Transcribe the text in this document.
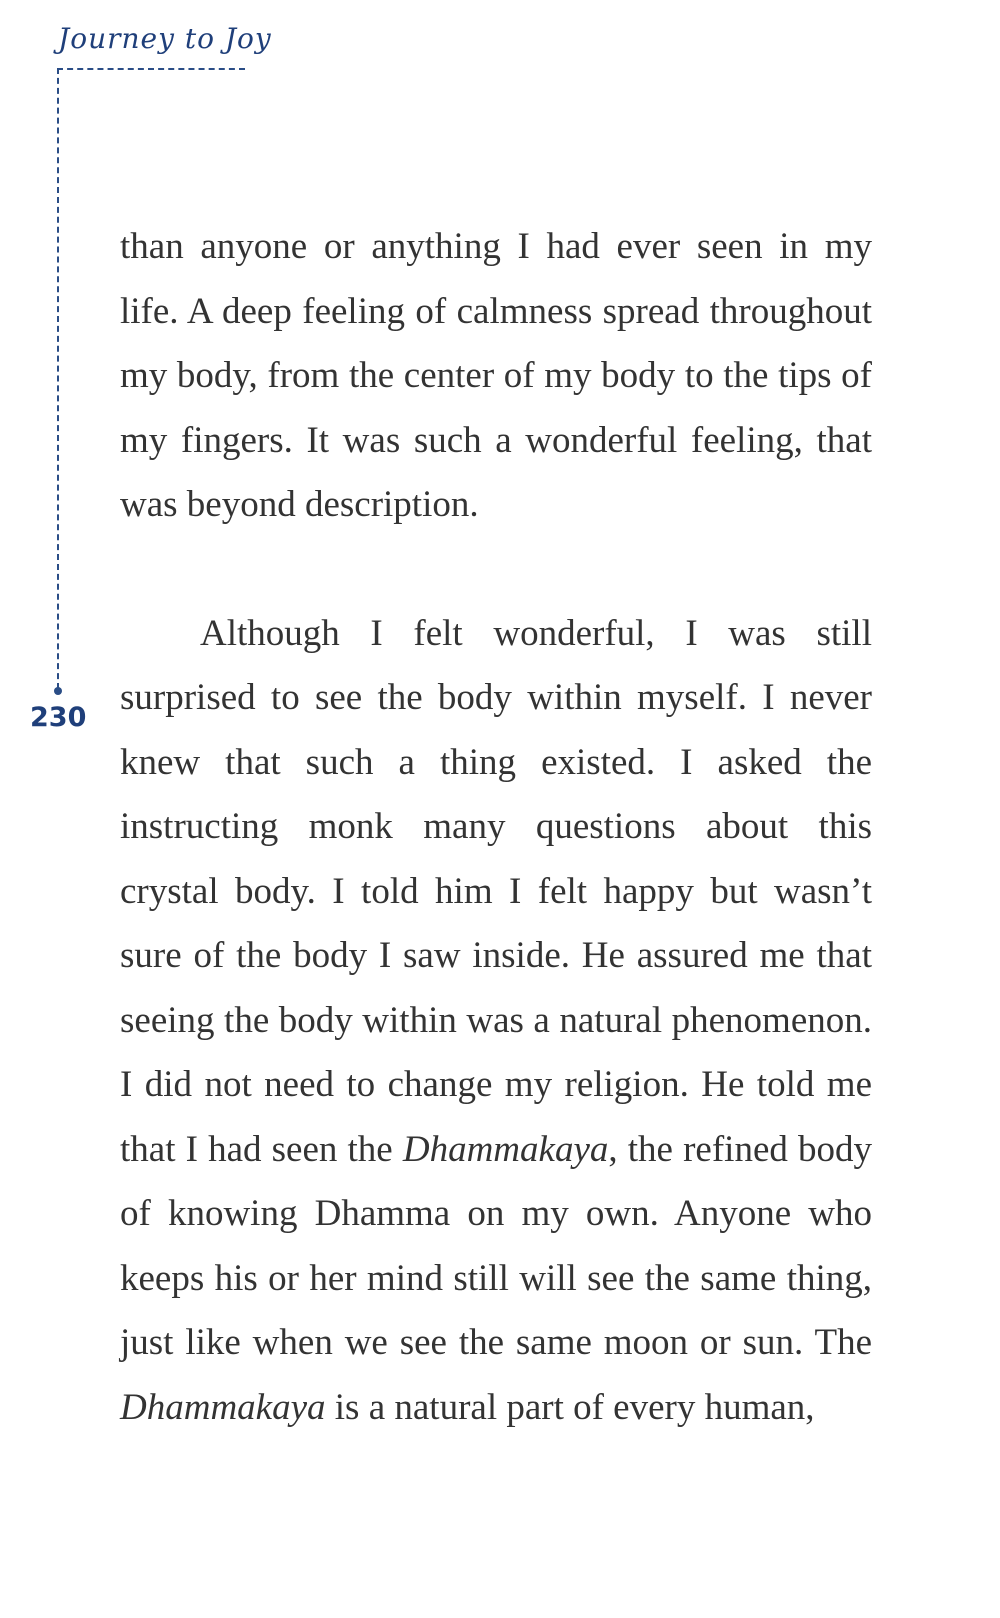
Journey to Joy
230

than anyone or anything I had ever seen in my life. A deep feeling of calmness spread throughout my body, from the center of my body to the tips of my fingers. It was such a wonderful feeling, that was beyond description.

Although I felt wonderful, I was still surprised to see the body within myself. I never knew that such a thing existed. I asked the instructing monk many questions about this crystal body. I told him I felt happy but wasn’t sure of the body I saw inside. He assured me that seeing the body within was a natural phenomenon. I did not need to change my religion. He told me that I had seen the Dhammakaya, the refined body of knowing Dhamma on my own. Anyone who keeps his or her mind still will see the same thing, just like when we see the same moon or sun. The Dhammakaya is a natural part of every human,
